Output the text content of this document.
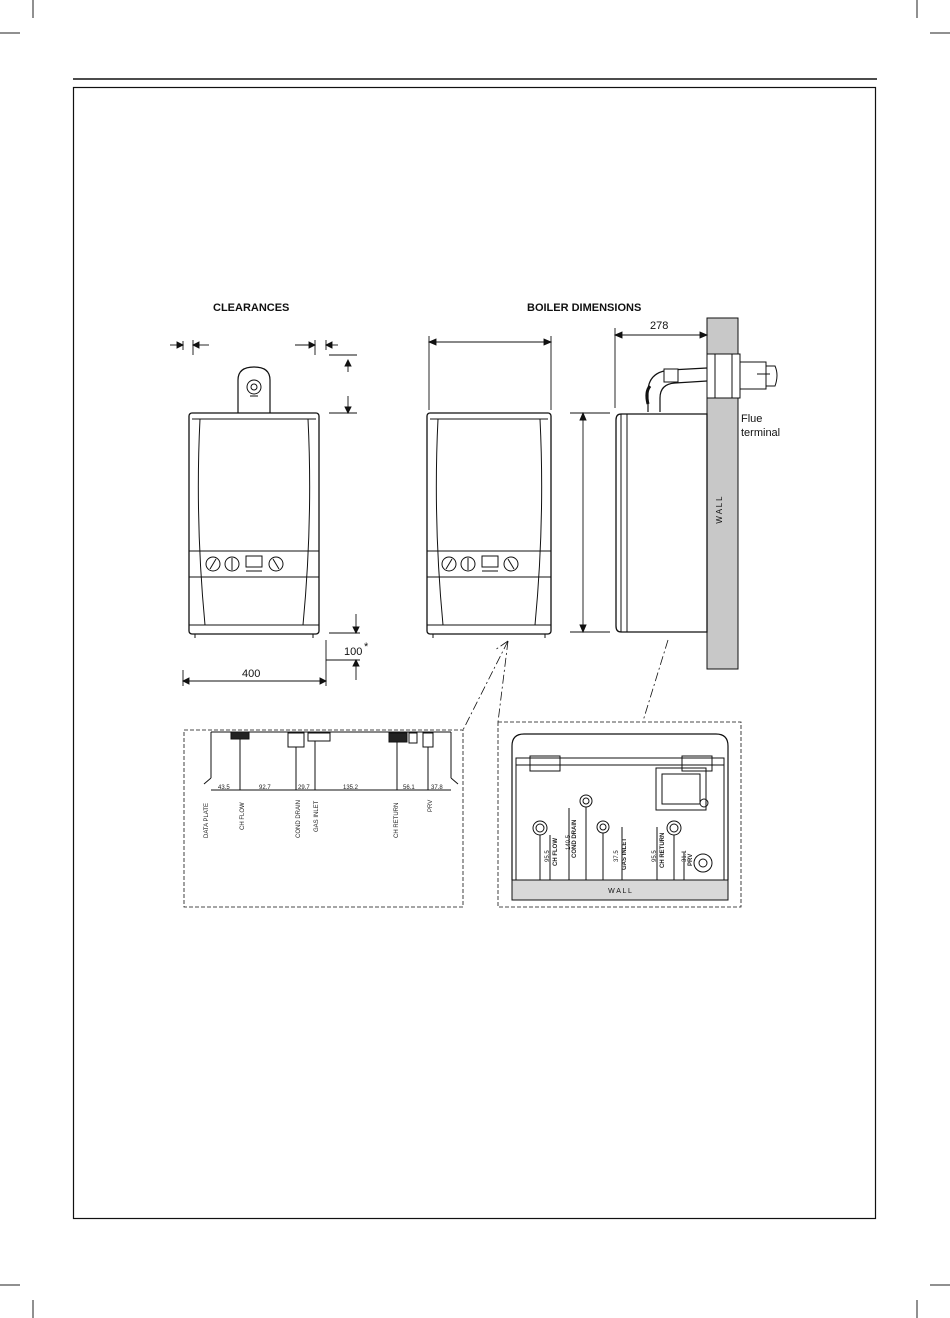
CLEARANCES	BOILER DIMENSIONS
400
100 *
278
Flue
terminal
W A L L
43.5	92.7	29.7	135.2	56.1	37.8
DATA PLATE	CH FLOW	COND DRAIN GAS INLET	CH RETURN	PRV
95.5
140.5
37.5	95.5	31.1
CH FLOW COND DRAIN	GAS INLET	CH RETURN	PRV
W A L L
